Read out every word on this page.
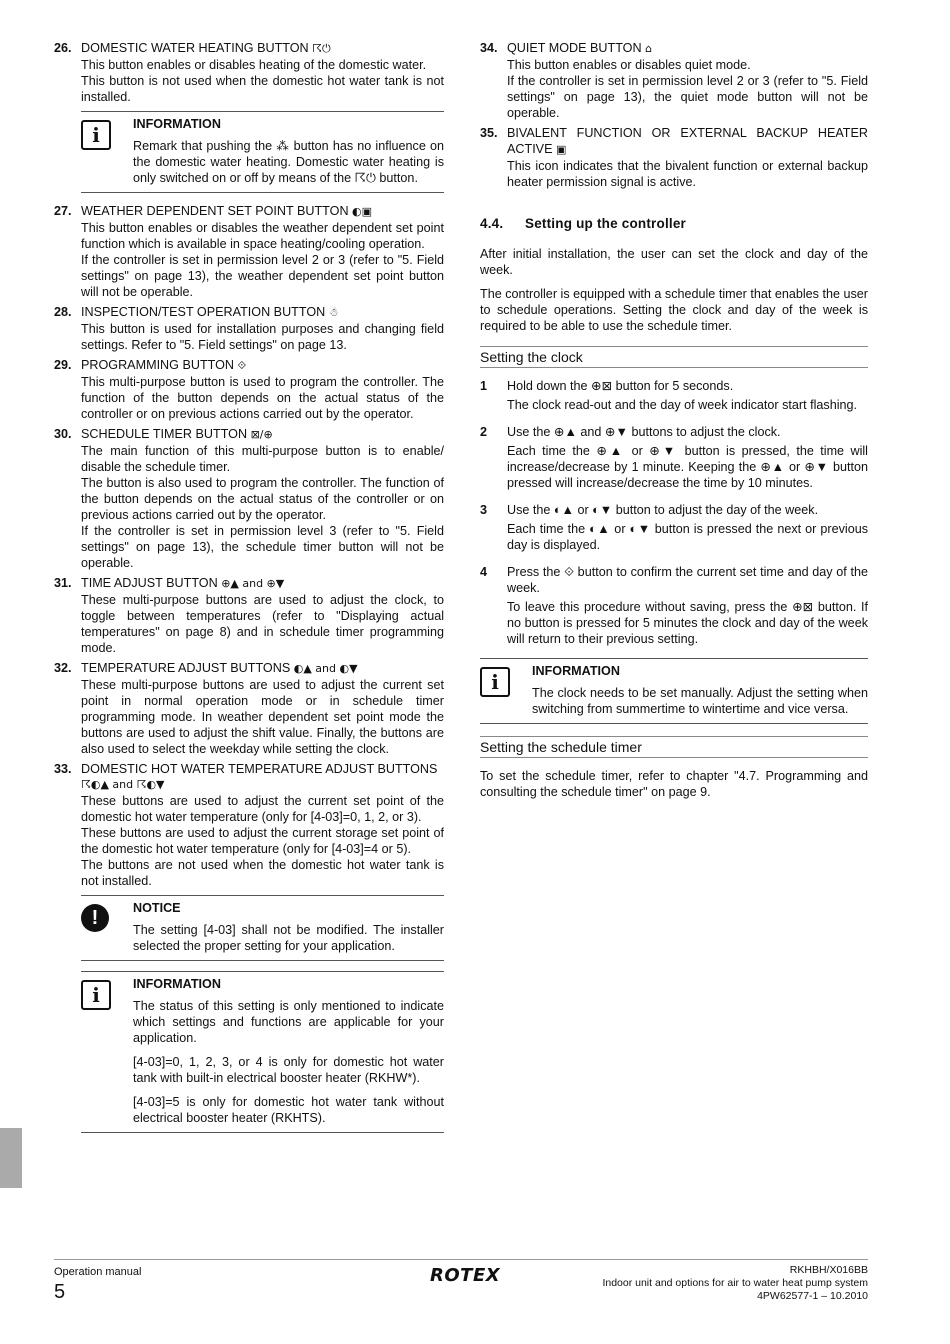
26. DOMESTIC WATER HEATING BUTTON ☈⏻
This button enables or disables heating of the domestic water.
This button is not used when the domestic hot water tank is not installed.
i	INFORMATION

Remark that pushing the ⁂ button has no influence on the domestic water heating. Domestic water heating is only switched on or off by means of the ☈⏻ button.

27. WEATHER DEPENDENT SET POINT BUTTON ◐▣
This button enables or disables the weather dependent set point function which is available in space heating/cooling operation.
If the controller is set in permission level 2 or 3 (refer to "5. Field settings" on page 13), the weather dependent set point button will not be operable.
28. INSPECTION/TEST OPERATION BUTTON ☃
This button is used for installation purposes and changing field settings. Refer to "5. Field settings" on page 13.
29. PROGRAMMING BUTTON ⟐
This multi-purpose button is used to program the controller. The function of the button depends on the actual status of the controller or on previous actions carried out by the operator.
30. SCHEDULE TIMER BUTTON ⊠/⊕
The main function of this multi-purpose button is to enable/ disable the schedule timer.
The button is also used to program the controller. The function of the button depends on the actual status of the controller or on previous actions carried out by the operator.
If the controller is set in permission level 3 (refer to "5. Field settings" on page 13), the schedule timer button will not be operable.
31. TIME ADJUST BUTTON ⊕▲ and ⊕▼
These multi-purpose buttons are used to adjust the clock, to toggle between temperatures (refer to "Displaying actual temperatures" on page 8) and in schedule timer programming mode.
32. TEMPERATURE ADJUST BUTTONS ◐▲ and ◐▼
These multi-purpose buttons are used to adjust the current set point in normal operation mode or in schedule timer programming mode. In weather dependent set point mode the buttons are used to adjust the shift value. Finally, the buttons are also used to select the weekday while setting the clock.
33. DOMESTIC HOT WATER TEMPERATURE ADJUST BUTTONS
☈◐▲ and ☈◐▼
These buttons are used to adjust the current set point of the domestic hot water temperature (only for [4-03]=0, 1, 2, or 3).
These buttons are used to adjust the current storage set point of the domestic hot water temperature (only for [4-03]=4 or 5).
The buttons are not used when the domestic hot water tank is not installed.
!	NOTICE

The setting [4-03] shall not be modified. The installer selected the proper setting for your application.

i	INFORMATION

The status of this setting is only mentioned to indicate which settings and functions are applicable for your application.

[4-03]=0, 1, 2, 3, or 4 is only for domestic hot water tank with built-in electrical booster heater (RKHW*).

[4-03]=5 is only for domestic hot water tank without electrical booster heater (RKHTS).

34. QUIET MODE BUTTON ⌂
This button enables or disables quiet mode.
If the controller is set in permission level 2 or 3 (refer to "5. Field settings" on page 13), the quiet mode button will not be operable.
35. BIVALENT FUNCTION OR EXTERNAL BACKUP HEATER ACTIVE ▣
This icon indicates that the bivalent function or external backup heater permission signal is active.
4.4. Setting up the controller

After initial installation, the user can set the clock and day of the week.

The controller is equipped with a schedule timer that enables the user to schedule operations. Setting the clock and day of the week is required to be able to use the schedule timer.

Setting the clock
1	Hold down the ⊕⊠ button for 5 seconds.

The clock read-out and the day of week indicator start flashing.

2	Use the ⊕▲ and ⊕▼ buttons to adjust the clock.

Each time the ⊕▲ or ⊕▼ button is pressed, the time will increase/decrease by 1 minute. Keeping the ⊕▲ or ⊕▼ button pressed will increase/decrease the time by 10 minutes.

3	Use the ◐▲ or ◐▼ button to adjust the day of the week.

Each time the ◐▲ or ◐▼ button is pressed the next or previous day is displayed.

4	Press the ⟐ button to confirm the current set time and day of the week.

To leave this procedure without saving, press the ⊕⊠ button. If no button is pressed for 5 minutes the clock and day of the week will return to their previous setting.

i	INFORMATION

The clock needs to be set manually. Adjust the setting when switching from summertime to wintertime and vice versa.

Setting the schedule timer

To set the schedule timer, refer to chapter "4.7. Programming and consulting the schedule timer" on page 9.

Operation manual
5
ROTEX	RKHBH/X016BB
Indoor unit and options for air to water heat pump system
4PW62577-1 – 10.2010
